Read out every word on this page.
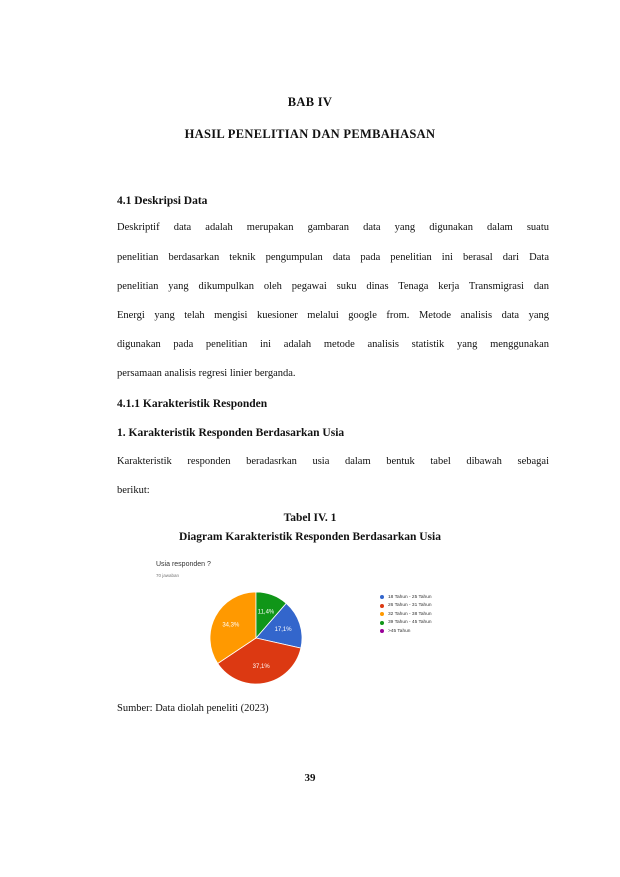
BAB IV
HASIL PENELITIAN DAN PEMBAHASAN
4.1 Deskripsi Data
Deskriptif data adalah merupakan gambaran data yang digunakan dalam suatu
penelitian berdasarkan teknik pengumpulan data pada penelitian ini berasal dari Data
penelitian yang dikumpulkan oleh pegawai suku dinas Tenaga kerja Transmigrasi dan
Energi yang telah mengisi kuesioner melalui google from. Metode analisis data yang
digunakan pada penelitian ini adalah metode analisis statistik yang menggunakan
persamaan analisis regresi linier berganda.
4.1.1 Karakteristik Responden
1. Karakteristik Responden Berdasarkan Usia
Karakteristik responden beradasrkan usia dalam bentuk tabel dibawah sebagai
berikut:
Tabel IV. 1
Diagram Karakteristik Responden Berdasarkan Usia
Usia responden ?
70 jawaban
17,1%
37,1%
34,3%
11,4%
18 Tahun - 25 Tahun
26 Tahun - 31 Tahun
32 Tahun - 38 Tahun
39 Tahun - 45 Tahun
>45 Tahun
Sumber: Data diolah peneliti (2023)
39
